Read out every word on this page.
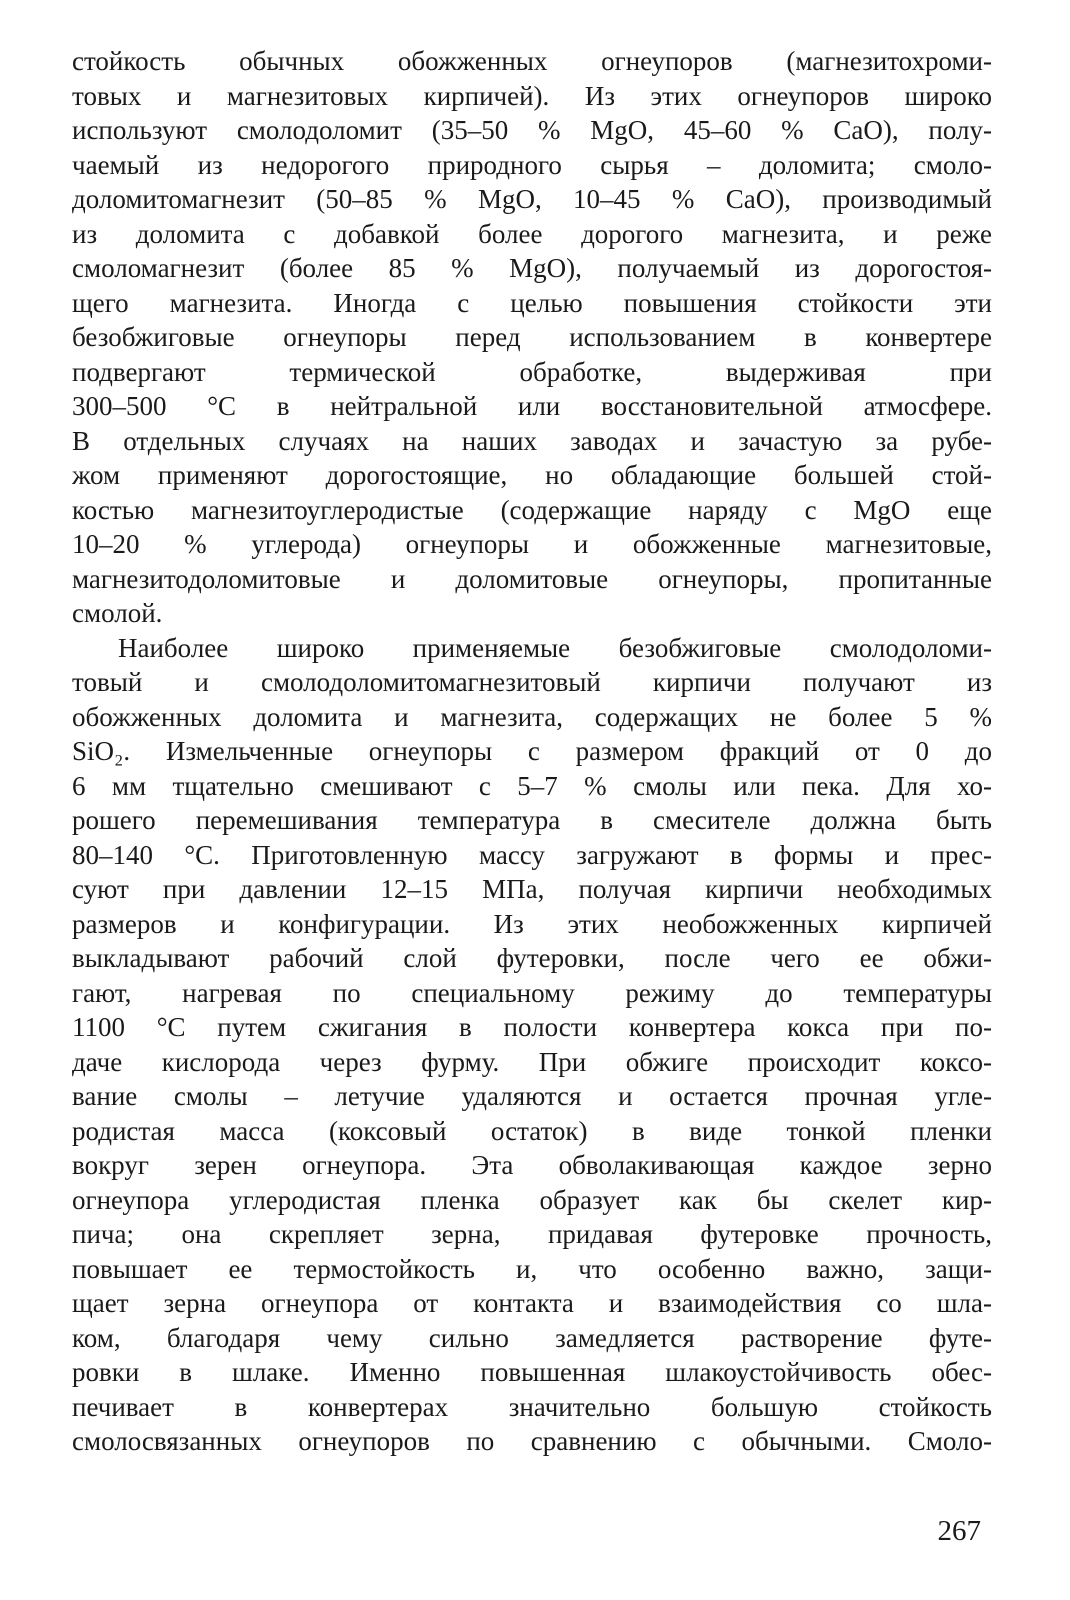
стойкость обычных обожженных огнеупоров (магнезитохроми-
товых и магнезитовых кирпичей). Из этих огнеупоров широко
используют смолодоломит (35–50 % MgO, 45–60 % CaO), полу-
чаемый из недорогого природного сырья – доломита; смоло-
доломитомагнезит (50–85 % MgO, 10–45 % CaO), производимый
из доломита с добавкой более дорогого магнезита, и реже
смоломагнезит (более 85 % MgO), получаемый из дорогостоя-
щего магнезита. Иногда с целью повышения стойкости эти
безобжиговые огнеупоры перед использованием в конвертере
подвергают термической обработке, выдерживая при
300–500 °С в нейтральной или восстановительной атмосфере.
В отдельных случаях на наших заводах и зачастую за рубе-
жом применяют дорогостоящие, но обладающие большей стой-
костью магнезитоуглеродистые (содержащие наряду с MgO еще
10–20 % углерода) огнеупоры и обожженные магнезитовые,
магнезитодоломитовые и доломитовые огнеупоры, пропитанные
смолой.
Наиболее широко применяемые безобжиговые смолодоломи-
товый и смолодоломитомагнезитовый кирпичи получают из
обожженных доломита и магнезита, содержащих не более 5 %
SiO₂. Измельченные огнеупоры с размером фракций от 0 до
6 мм тщательно смешивают с 5–7 % смолы или пека. Для хо-
рошего перемешивания температура в смесителе должна быть
80–140 °С. Приготовленную массу загружают в формы и прес-
суют при давлении 12–15 МПа, получая кирпичи необходимых
размеров и конфигурации. Из этих необожженных кирпичей
выкладывают рабочий слой футеровки, после чего ее обжи-
гают, нагревая по специальному режиму до температуры
1100 °С путем сжигания в полости конвертера кокса при по-
даче кислорода через фурму. При обжиге происходит коксо-
вание смолы – летучие удаляются и остается прочная угле-
родистая масса (коксовый остаток) в виде тонкой пленки
вокруг зерен огнеупора. Эта обволакивающая каждое зерно
огнеупора углеродистая пленка образует как бы скелет кир-
пича; она скрепляет зерна, придавая футеровке прочность,
повышает ее термостойкость и, что особенно важно, защи-
щает зерна огнеупора от контакта и взаимодействия со шла-
ком, благодаря чему сильно замедляется растворение футе-
ровки в шлаке. Именно повышенная шлакоустойчивость обес-
печивает в конвертерах значительно большую стойкость
смолосвязанных огнеупоров по сравнению с обычными. Смоло-
267
